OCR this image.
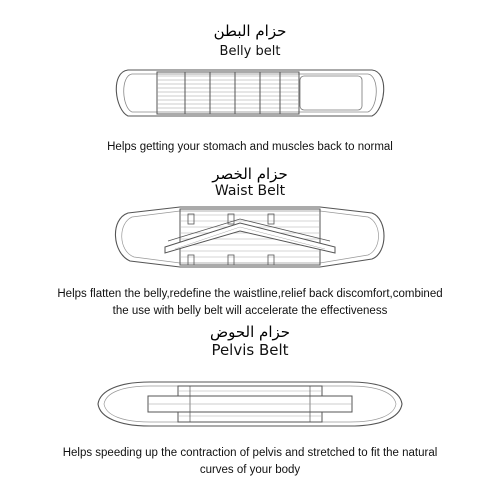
حزام البطن
Belly belt
Helps getting your stomach and muscles back to normal
حزام الخصر
Waist Belt
Helps flatten the belly,redefine the waistline,relief back discomfort,combined
the use with belly belt will accelerate the effectiveness
حزام الحوض
Pelvis Belt
Helps speeding up the contraction of pelvis and stretched to fit the natural
curves of your body
